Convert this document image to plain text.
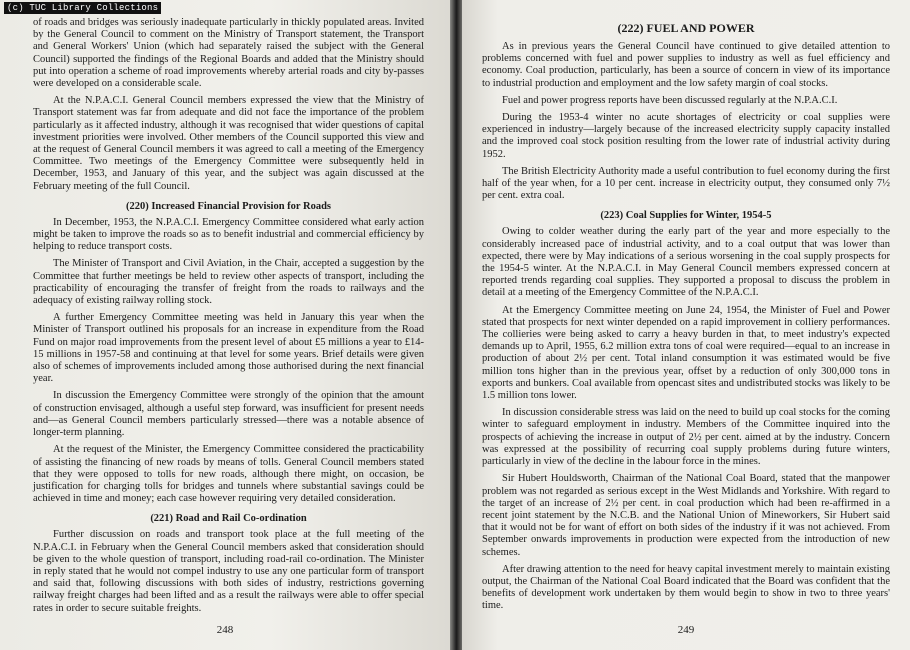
(c) TUC Library Collections

of roads and bridges was seriously inadequate particularly in thickly populated areas. Invited by the General Council to comment on the Ministry of Transport statement, the Transport and General Workers' Union (which had separately raised the subject with the General Council) supported the findings of the Regional Boards and added that the Ministry should put into operation a scheme of road improvements whereby arterial roads and city by-passes were developed on a considerable scale.

At the N.P.A.C.I. General Council members expressed the view that the Ministry of Transport statement was far from adequate and did not face the importance of the problem particularly as it affected industry, although it was recognised that wider questions of capital investment priorities were involved. Other members of the Council supported this view and at the request of General Council members it was agreed to call a meeting of the Emergency Committee. Two meetings of the Emergency Committee were subsequently held in December, 1953, and January of this year, and the subject was again discussed at the February meeting of the full Council.

(220) Increased Financial Provision for Roads

In December, 1953, the N.P.A.C.I. Emergency Committee considered what early action might be taken to improve the roads so as to benefit industrial and commercial efficiency by helping to reduce transport costs.

The Minister of Transport and Civil Aviation, in the Chair, accepted a suggestion by the Committee that further meetings be held to review other aspects of transport, including the practicability of encouraging the transfer of freight from the roads to railways and the adequacy of existing railway rolling stock.

A further Emergency Committee meeting was held in January this year when the Minister of Transport outlined his proposals for an increase in expenditure from the Road Fund on major road improvements from the present level of about £5 millions a year to £14-15 millions in 1957-58 and continuing at that level for some years. Brief details were given also of schemes of improvements included among those authorised during the next financial year.

In discussion the Emergency Committee were strongly of the opinion that the amount of construction envisaged, although a useful step forward, was insufficient for present needs and—as General Council members particularly stressed—there was a notable absence of longer-term planning.

At the request of the Minister, the Emergency Committee considered the practicability of assisting the financing of new roads by means of tolls. General Council members stated that they were opposed to tolls for new roads, although there might, on occasion, be justification for charging tolls for bridges and tunnels where substantial savings could be achieved in time and money; each case however requiring very detailed consideration.

(221) Road and Rail Co-ordination

Further discussion on roads and transport took place at the full meeting of the N.P.A.C.I. in February when the General Council members asked that consideration should be given to the whole question of transport, including road-rail co-ordination. The Minister in reply stated that he would not compel industry to use any one particular form of transport and said that, following discussions with both sides of industry, restrictions governing railway freight charges had been lifted and as a result the railways were able to offer special rates in order to secure suitable freights.

248
(222) FUEL AND POWER

As in previous years the General Council have continued to give detailed attention to problems concerned with fuel and power supplies to industry as well as fuel efficiency and economy. Coal production, particularly, has been a source of concern in view of its importance to industrial production and employment and the low safety margin of coal stocks.

Fuel and power progress reports have been discussed regularly at the N.P.A.C.I.

During the 1953-4 winter no acute shortages of electricity or coal supplies were experienced in industry—largely because of the increased electricity supply capacity installed and the improved coal stock position resulting from the lower rate of industrial activity during 1952.

The British Electricity Authority made a useful contribution to fuel economy during the first half of the year when, for a 10 per cent. increase in electricity output, they consumed only 7½ per cent. extra coal.

(223) Coal Supplies for Winter, 1954-5

Owing to colder weather during the early part of the year and more especially to the considerably increased pace of industrial activity, and to a coal output that was lower than expected, there were by May indications of a serious worsening in the coal supply prospects for the 1954-5 winter. At the N.P.A.C.I. in May General Council members expressed concern at reported trends regarding coal supplies. They supported a proposal to discuss the problem in detail at a meeting of the Emergency Committee of the N.P.A.C.I.

At the Emergency Committee meeting on June 24, 1954, the Minister of Fuel and Power stated that prospects for next winter depended on a rapid improvement in colliery performances. The collieries were being asked to carry a heavy burden in that, to meet industry's expected demands up to April, 1955, 6.2 million extra tons of coal were required—equal to an increase in production of about 2½ per cent. Total inland consumption it was estimated would be five million tons higher than in the previous year, offset by a reduction of only 300,000 tons in exports and bunkers. Coal available from opencast sites and undistributed stocks was likely to be 1.5 million tons lower.

In discussion considerable stress was laid on the need to build up coal stocks for the coming winter to safeguard employment in industry. Members of the Committee inquired into the prospects of achieving the increase in output of 2½ per cent. aimed at by the industry. Concern was expressed at the possibility of recurring coal supply problems during future winters, particularly in view of the decline in the labour force in the mines.

Sir Hubert Houldsworth, Chairman of the National Coal Board, stated that the manpower problem was not regarded as serious except in the West Midlands and Yorkshire. With regard to the target of an increase of 2½ per cent. in coal production which had been re-affirmed in a recent joint statement by the N.C.B. and the National Union of Mineworkers, Sir Hubert said that it would not be for want of effort on both sides of the industry if it was not achieved. From September onwards improvements in production were expected from the introduction of new schemes.

After drawing attention to the need for heavy capital investment merely to maintain existing output, the Chairman of the National Coal Board indicated that the Board was confident that the benefits of development work undertaken by them would begin to show in two to three years' time.

249
